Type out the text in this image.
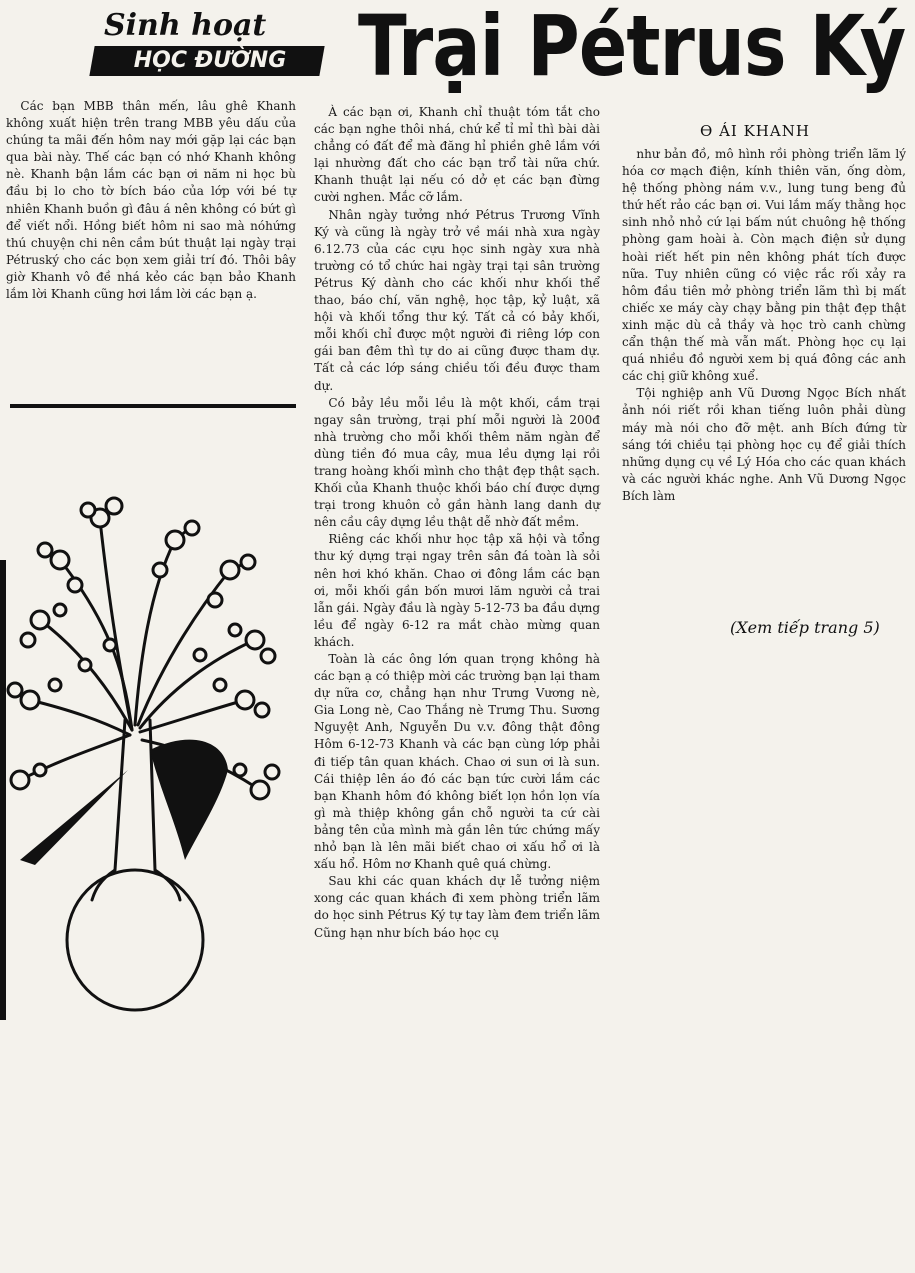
Sinh hoạt
HỌC ĐƯỜNG Trại Pétrus Ký

Các bạn MBB thân mến, lâu ghê Khanh không xuất hiện trên trang MBB yêu dấu của chúng ta mãi đến hôm nay mới gặp lại các bạn qua bài này. Thế các bạn có nhớ Khanh không nè. Khanh bận lắm các bạn ơi năm ni học bù đầu bị lo cho tờ bích báo của lớp với bé tự nhiên Khanh buồn gì đâu á nên không có bứt gì để viết nổi. Hồng biết hôm ni sao mà nóhứng thú chuyện chi nên cầm bút thuật lại ngày trại Pétruský cho các bọn xem giải trí đó. Thôi bây giờ Khanh vô đề nhá kẻo các bạn bảo Khanh lắm lời Khanh cũng hơi lắm lời các bạn ạ.

À các bạn ơi, Khanh chỉ thuật tóm tắt cho các bạn nghe thôi nhá, chứ kể tỉ mỉ thì bài dài chẳng có đất để mà đăng hỉ phiền ghê lắm với lại nhường đất cho các bạn trổ tài nữa chứ. Khanh thuật lại nếu có dở ẹt các bạn đừng cười nghen. Mắc cỡ lắm.

Nhân ngày tưởng nhớ Pétrus Trương Vĩnh Ký và cũng là ngày trở về mái nhà xưa ngày 6.12.73 của các cựu học sinh ngày xưa nhà trường có tổ chức hai ngày trại tại sân trường Pétrus Ký dành cho các khối như khối thể thao, báo chí, văn nghệ, học tập, kỷ luật, xã hội và khối tổng thư ký. Tất cả có bảy khối, mỗi khối chỉ được một người đi riêng lớp con gái ban đêm thì tự do ai cũng được tham dự. Tất cả các lớp sáng chiều tối đều được tham dự.

Có bảy lều mỗi lều là một khối, cắm trại ngay sân trường, trại phí mỗi người là 200đ nhà trường cho mỗi khối thêm năm ngàn để dùng tiền đó mua cây, mua lều dựng lại rồi trang hoàng khối mình cho thật đẹp thật sạch. Khối của Khanh thuộc khối báo chí được dựng trại trong khuôn cỏ gần hành lang danh dự nên cầu cây dựng lều thật dễ nhờ đất mềm.

Riêng các khối như học tập xã hội và tổng thư ký dựng trại ngay trên sân đá toàn là sỏi nên hơi khó khăn. Chao ơi đông lắm các bạn ơi, mỗi khối gần bốn mươi lăm người cả trai lẫn gái. Ngày đầu là ngày 5-12-73 ba đầu dựng lều để ngày 6-12 ra mắt chào mừng quan khách.

Toàn là các ông lớn quan trọng không hà các bạn ạ có thiệp mời các trường bạn lại tham dự nữa cơ, chẳng hạn như Trưng Vương nè, Gia Long nè, Cao Thắng nè Trưng Thu. Sương Nguyệt Anh, Nguyễn Du v.v. đông thật đông Hôm 6-12-73 Khanh và các bạn cùng lớp phải đi tiếp tân quan khách. Chao ơi sun ơi là sun. Cái thiệp lên áo đó các bạn tức cười lắm các bạn Khanh hôm đó không biết lọn hồn lọn vía gì mà thiệp không gắn chỗ người ta cứ cài bảng tên của mình mà gắn lên tức chứng mấy nhỏ bạn là lên mãi biết chao ơi xấu hổ ơi là xấu hổ. Hôm nơ Khanh quê quá chừng.

Sau khi các quan khách dự lễ tưởng niệm xong các quan khách đi xem phòng triển lãm do học sinh Pétrus Ký tự tay làm đem triển lãm Cũng hạn như bích báo học cụ

Ө ÁI KHANH

như bản đồ, mô hình rồi phòng triển lãm lý hóa cơ mạch điện, kính thiên văn, ống dòm, hệ thống phòng nám v.v., lung tung beng đủ thứ hết rảo các bạn ơi. Vui lắm mấy thằng học sinh nhỏ nhỏ cứ lại bấm nút chuông hệ thống phòng gam hoài à. Còn mạch điện sử dụng hoài riết hết pin nên không phát tích được nữa. Tuy nhiên cũng có việc rắc rối xảy ra hôm đầu tiên mở phòng triển lãm thì bị mất chiếc xe máy cày chạy bằng pin thật đẹp thật xinh mặc dù cả thầy và học trò canh chừng cẩn thận thế mà vẫn mất. Phòng học cụ lại quá nhiều đồ người xem bị quá đông các anh các chị giữ không xuể.

Tội nghiệp anh Vũ Dương Ngọc Bích nhất ảnh nói riết rồi khan tiếng luôn phải dùng máy mà nói cho đỡ mệt. anh Bích đứng từ sáng tới chiều tại phòng học cụ để giải thích những dụng cụ về Lý Hóa cho các quan khách và các người khác nghe. Anh Vũ Dương Ngọc Bích làm

(Xem tiếp trang 5)
